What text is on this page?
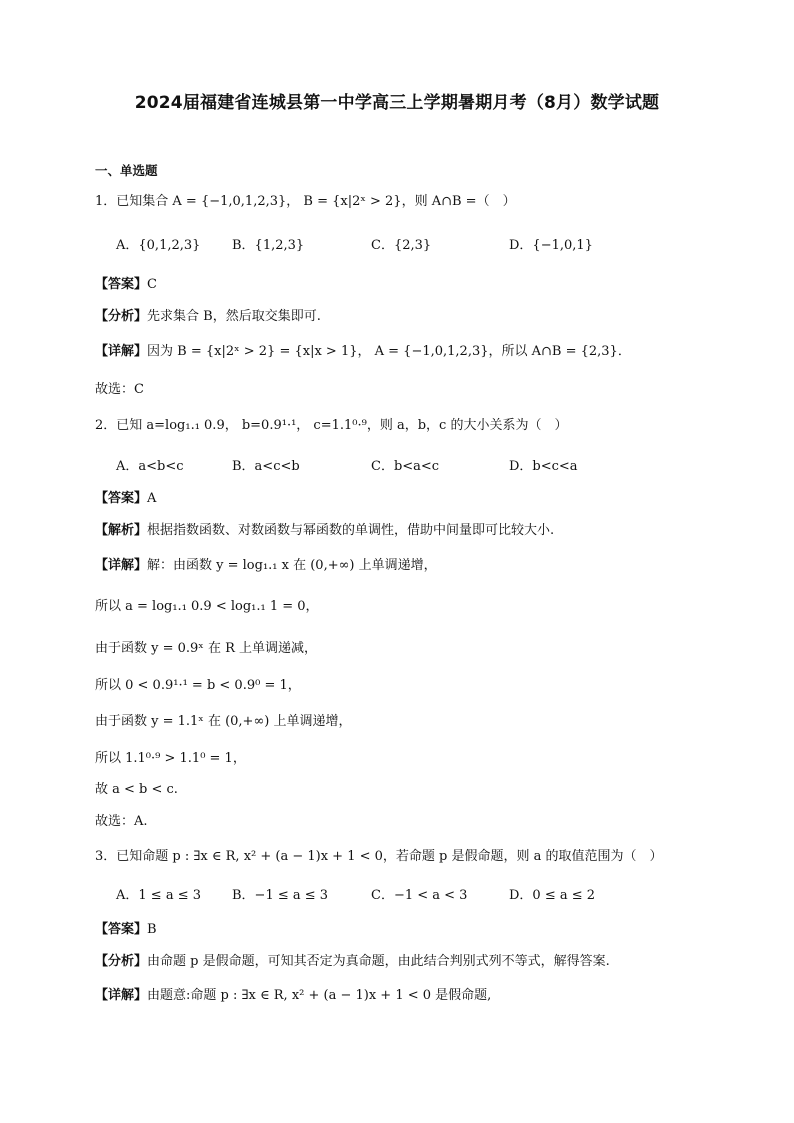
2024届福建省连城县第一中学高三上学期暑期月考（8月）数学试题
一、单选题
1．已知集合 A = {−1,0,1,2,3}， B = {x|2ˣ > 2}，则 A∩B =（　）
A．{0,1,2,3} B．{1,2,3}	C．{2,3}	D．{−1,0,1}
【答案】C
【分析】先求集合 B，然后取交集即可.
【详解】因为 B = {x|2ˣ > 2} = {x|x > 1}， A = {−1,0,1,2,3}，所以 A∩B = {2,3}．
故选：C
2．已知 a=log₁.₁ 0.9， b=0.9¹·¹， c=1.1⁰·⁹，则 a，b，c 的大小关系为（　）
A．a<b<c	B．a<c<b	C．b<a<c	D．b<c<a
【答案】A
【解析】根据指数函数、对数函数与幂函数的单调性，借助中间量即可比较大小.
【详解】解：由函数 y = log₁.₁ x 在 (0,+∞) 上单调递增，
所以 a = log₁.₁ 0.9 < log₁.₁ 1 = 0，
由于函数 y = 0.9ˣ 在 R 上单调递减，
所以 0 < 0.9¹·¹ = b < 0.9⁰ = 1，
由于函数 y = 1.1ˣ 在 (0,+∞) 上单调递增，
所以 1.1⁰·⁹ > 1.1⁰ = 1，
故 a < b < c.
故选：A.
3．已知命题 p : ∃x ∈ R, x² + (a − 1)x + 1 < 0，若命题 p 是假命题，则 a 的取值范围为（　）
A．1 ≤ a ≤ 3 B．−1 ≤ a ≤ 3	C．−1 < a < 3	D．0 ≤ a ≤ 2
【答案】B
【分析】由命题 p 是假命题，可知其否定为真命题，由此结合判别式列不等式，解得答案.
【详解】由题意:命题 p : ∃x ∈ R, x² + (a − 1)x + 1 < 0 是假命题,
